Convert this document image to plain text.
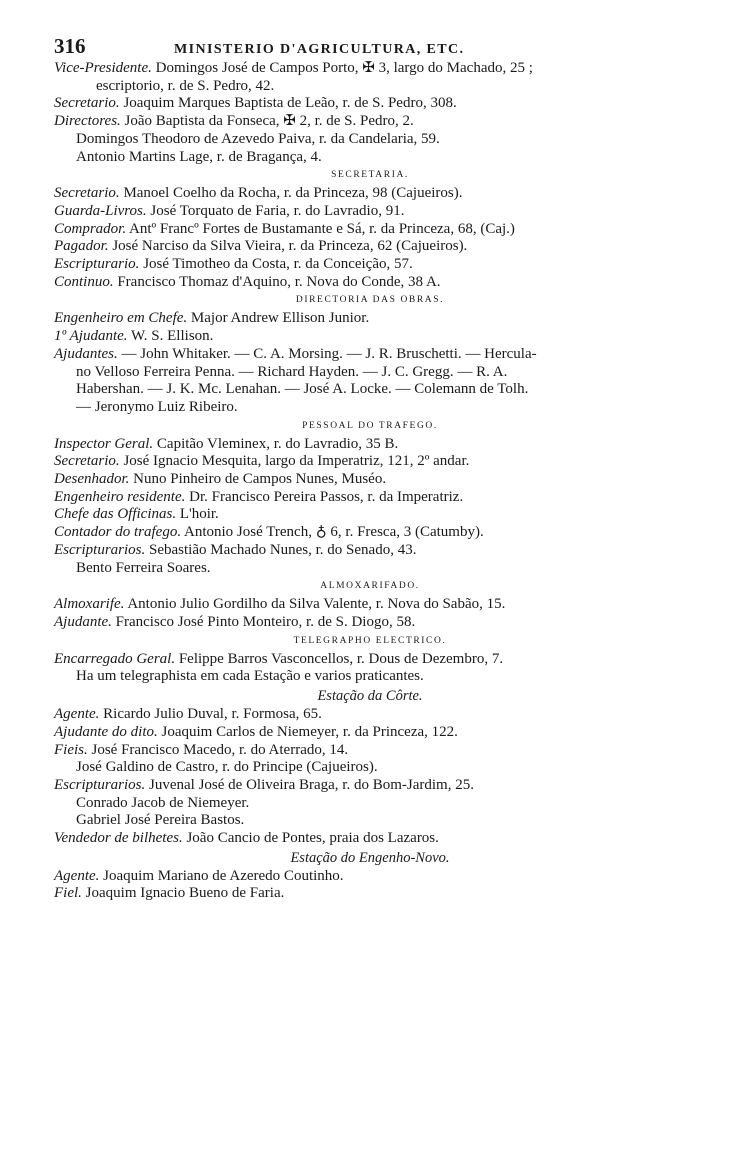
316	MINISTERIO D'AGRICULTURA, ETC.
Vice-Presidente. Domingos José de Campos Porto, ✠ 3, largo do Machado, 25 ;
escriptorio, r. de S. Pedro, 42.
Secretario. Joaquim Marques Baptista de Leão, r. de S. Pedro, 308.
Directores. João Baptista da Fonseca, ✠ 2, r. de S. Pedro, 2.
Domingos Theodoro de Azevedo Paiva, r. da Candelaria, 59.
Antonio Martins Lage, r. de Bragança, 4.
SECRETARIA.
Secretario. Manoel Coelho da Rocha, r. da Princeza, 98 (Cajueiros).
Guarda-Livros. José Torquato de Faria, r. do Lavradio, 91.
Comprador. Antº Francº Fortes de Bustamante e Sá, r. da Princeza, 68, (Caj.)
Pagador. José Narciso da Silva Vieira, r. da Princeza, 62 (Cajueiros).
Escripturario. José Timotheo da Costa, r. da Conceição, 57.
Continuo. Francisco Thomaz d'Aquino, r. Nova do Conde, 38 A.
DIRECTORIA DAS OBRAS.
Engenheiro em Chefe. Major Andrew Ellison Junior.
1º Ajudante. W. S. Ellison.
Ajudantes. — John Whitaker. — C. A. Morsing. — J. R. Bruschetti. — Hercula-
no Velloso Ferreira Penna. — Richard Hayden. — J. C. Gregg. — R. A.
Habershan. — J. K. Mc. Lenahan. — José A. Locke. — Colemann de Tolh.
— Jeronymo Luiz Ribeiro.
PESSOAL DO TRAFEGO.
Inspector Geral. Capitão Vleminex, r. do Lavradio, 35 B.
Secretario. José Ignacio Mesquita, largo da Imperatriz, 121, 2º andar.
Desenhador. Nuno Pinheiro de Campos Nunes, Muséo.
Engenheiro residente. Dr. Francisco Pereira Passos, r. da Imperatriz.
Chefe das Officinas. L'hoir.
Contador do trafego. Antonio José Trench, ♁ 6, r. Fresca, 3 (Catumby).
Escripturarios. Sebastião Machado Nunes, r. do Senado, 43.
Bento Ferreira Soares.
ALMOXARIFADO.
Almoxarife. Antonio Julio Gordilho da Silva Valente, r. Nova do Sabão, 15.
Ajudante. Francisco José Pinto Monteiro, r. de S. Diogo, 58.
TELEGRAPHO ELECTRICO.
Encarregado Geral. Felippe Barros Vasconcellos, r. Dous de Dezembro, 7.
Ha um telegraphista em cada Estação e varios praticantes.
Estação da Côrte.
Agente. Ricardo Julio Duval, r. Formosa, 65.
Ajudante do dito. Joaquim Carlos de Niemeyer, r. da Princeza, 122.
Fieis. José Francisco Macedo, r. do Aterrado, 14.
José Galdino de Castro, r. do Principe (Cajueiros).
Escripturarios. Juvenal José de Oliveira Braga, r. do Bom-Jardim, 25.
Conrado Jacob de Niemeyer.
Gabriel José Pereira Bastos.
Vendedor de bilhetes. João Cancio de Pontes, praia dos Lazaros.
Estação do Engenho-Novo.
Agente. Joaquim Mariano de Azeredo Coutinho.
Fiel. Joaquim Ignacio Bueno de Faria.
